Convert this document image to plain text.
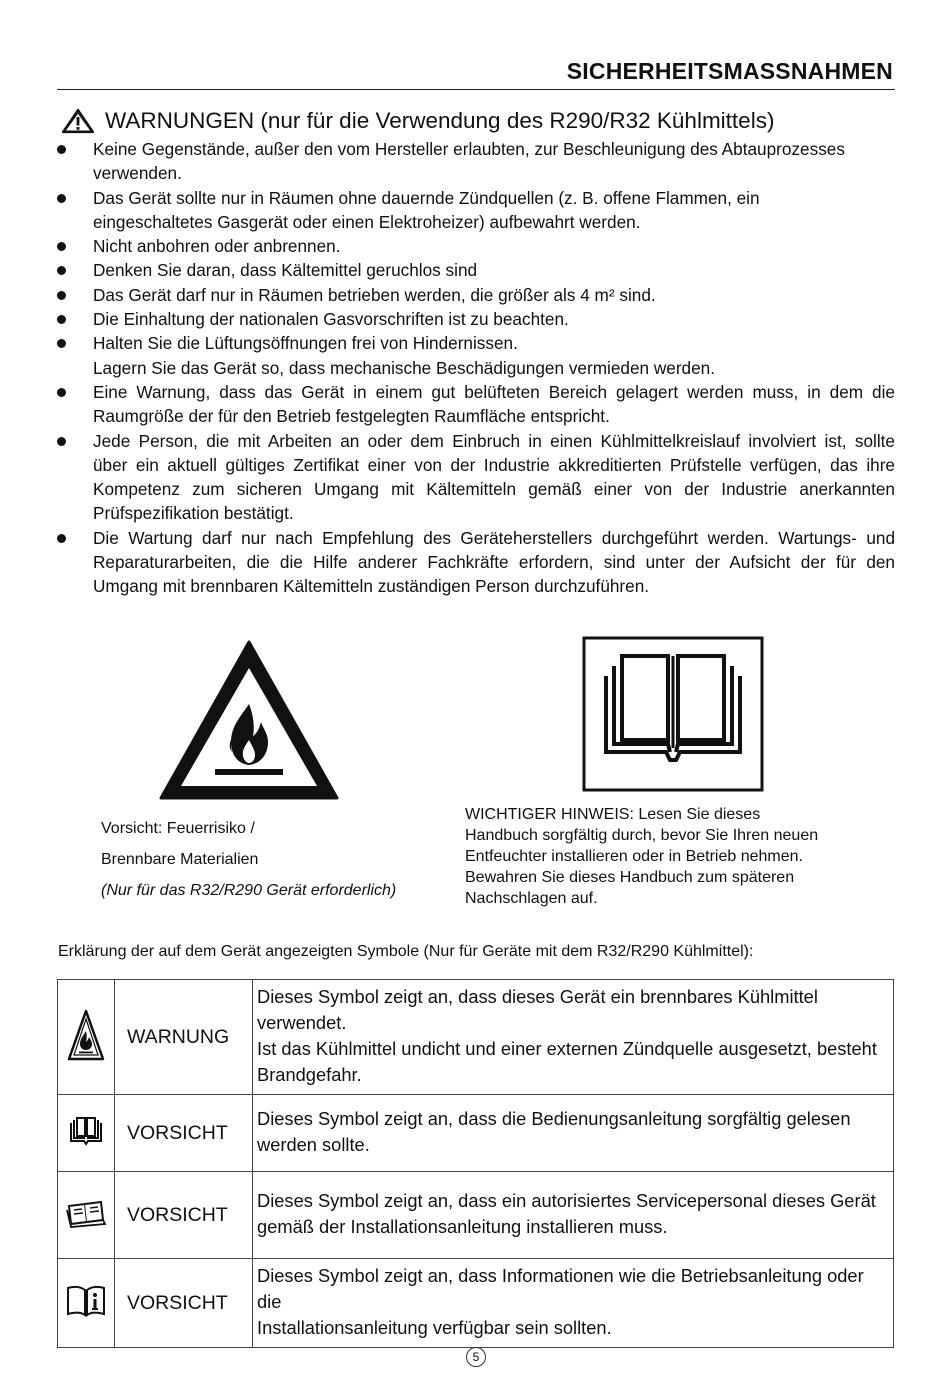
SICHERHEITSMASSNAHMEN
WARNUNGEN (nur für die Verwendung des R290/R32 Kühlmittels)
Keine Gegenstände, außer den vom Hersteller erlaubten, zur Beschleunigung des Abtauprozesses
verwenden.
Das Gerät sollte nur in Räumen ohne dauernde Zündquellen (z. B. offene Flammen, ein
eingeschaltetes Gasgerät oder einen Elektroheizer) aufbewahrt werden.
Nicht anbohren oder anbrennen.
Denken Sie daran, dass Kältemittel geruchlos sind
Das Gerät darf nur in Räumen betrieben werden, die größer als 4 m² sind.
Die Einhaltung der nationalen Gasvorschriften ist zu beachten.
Halten Sie die Lüftungsöffnungen frei von Hindernissen.
Lagern Sie das Gerät so, dass mechanische Beschädigungen vermieden werden.
Eine Warnung, dass das Gerät in einem gut belüfteten Bereich gelagert werden muss, in dem die
Raumgröße der für den Betrieb festgelegten Raumfläche entspricht.
Jede Person, die mit Arbeiten an oder dem Einbruch in einen Kühlmittelkreislauf involviert ist, sollte
über ein aktuell gültiges Zertifikat einer von der Industrie akkreditierten Prüfstelle verfügen, das ihre
Kompetenz zum sicheren Umgang mit Kältemitteln gemäß einer von der Industrie anerkannten
Prüfspezifikation bestätigt.
Die Wartung darf nur nach Empfehlung des Geräteherstellers durchgeführt werden. Wartungs- und
Reparaturarbeiten, die die Hilfe anderer Fachkräfte erfordern, sind unter der Aufsicht der für den
Umgang mit brennbaren Kältemitteln zuständigen Person durchzuführen.
Vorsicht: Feuerrisiko /
Brennbare Materialien
(Nur für das R32/R290 Gerät erforderlich)
WICHTIGER HINWEIS: Lesen Sie dieses
Handbuch sorgfältig durch, bevor Sie Ihren neuen
Entfeuchter installieren oder in Betrieb nehmen.
Bewahren Sie dieses Handbuch zum späteren
Nachschlagen auf.
Erklärung der auf dem Gerät angezeigten Symbole (Nur für Geräte mit dem R32/R290 Kühlmittel):
	WARNUNG	Dieses Symbol zeigt an, dass dieses Gerät ein brennbares Kühlmittel verwendet.
Ist das Kühlmittel undicht und einer externen Zündquelle ausgesetzt, besteht
Brandgefahr.

	VORSICHT	Dieses Symbol zeigt an, dass die Bedienungsanleitung sorgfältig gelesen
werden sollte.

	VORSICHT	Dieses Symbol zeigt an, dass ein autorisiertes Servicepersonal dieses Gerät
gemäß der Installationsanleitung installieren muss.

	VORSICHT	Dieses Symbol zeigt an, dass Informationen wie die Betriebsanleitung oder die
Installationsanleitung verfügbar sein sollten.
5
